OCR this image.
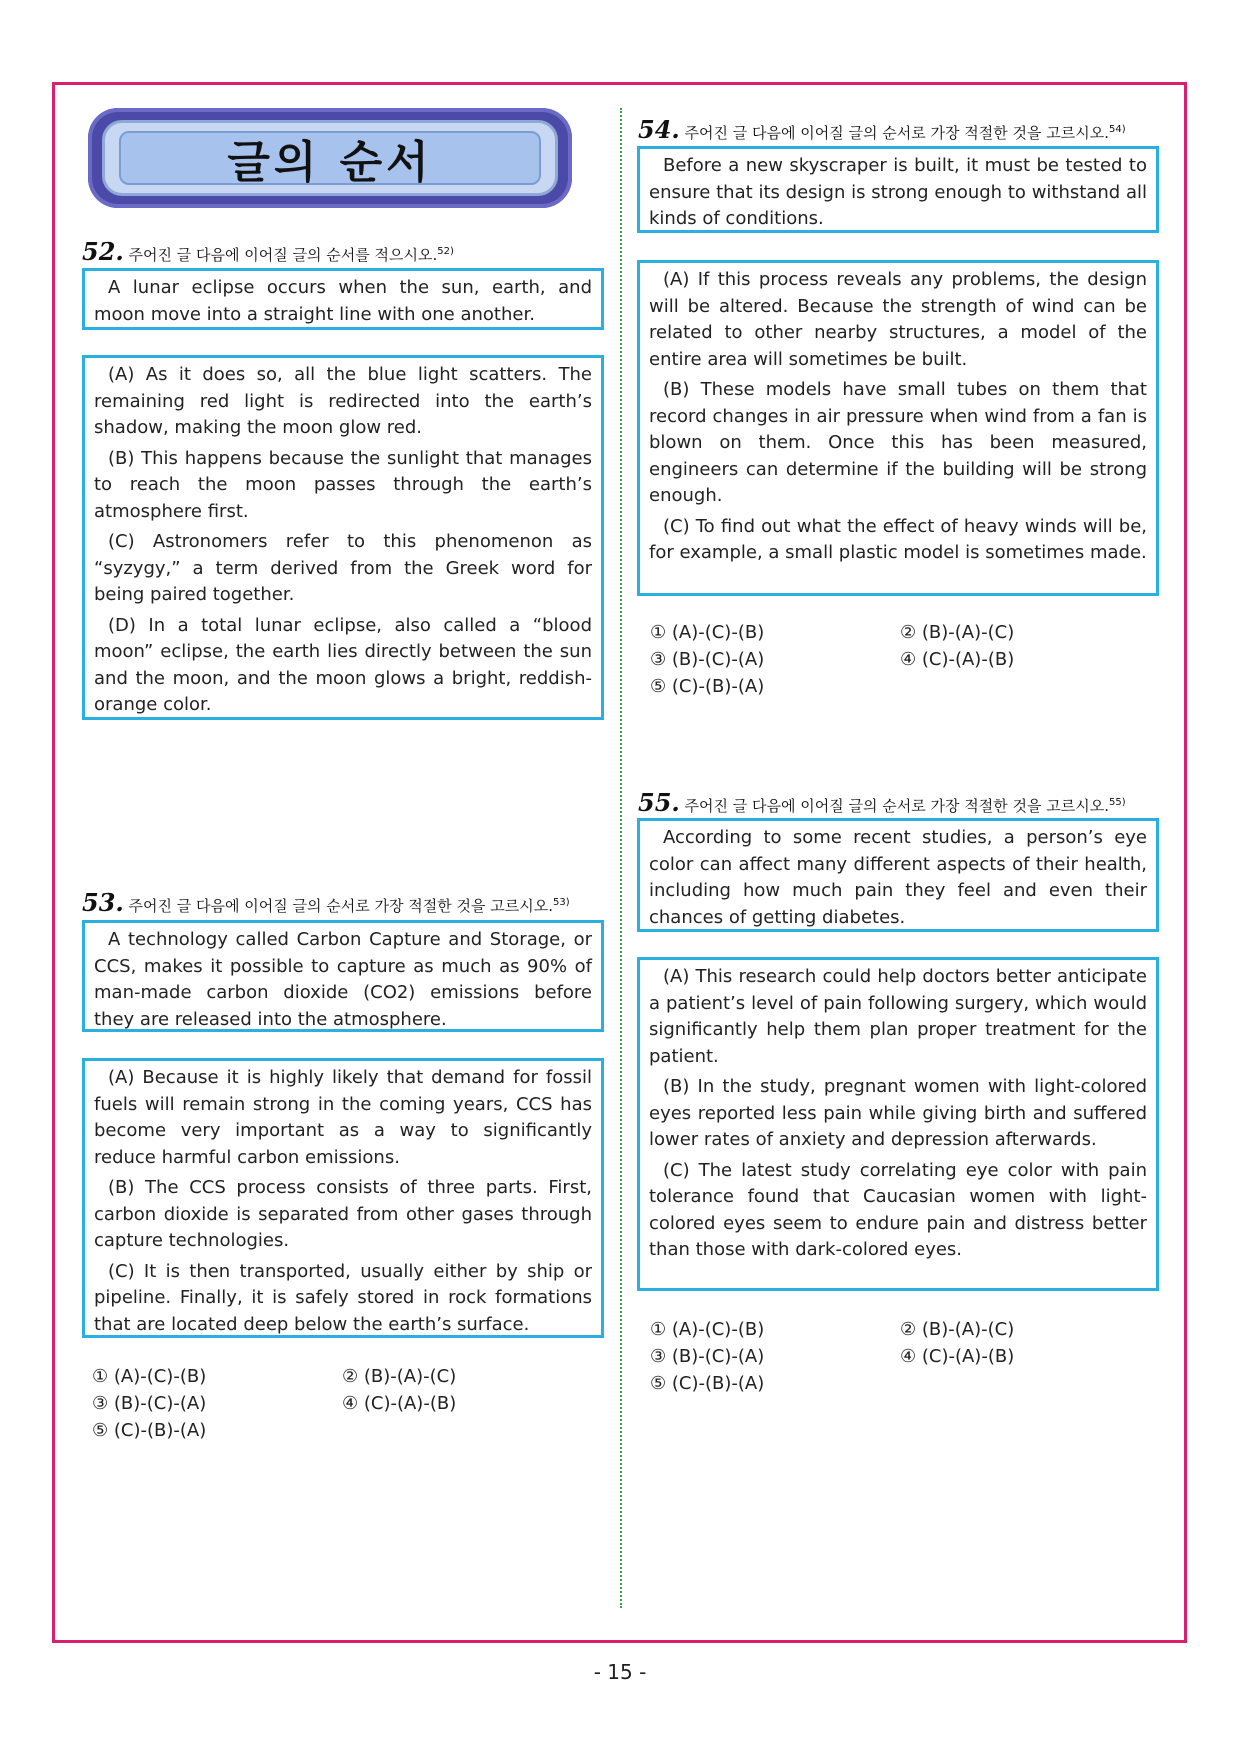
글의 순서
52. 주어진 글 다음에 이어질 글의 순서를 적으시오.$^{52)}$

A lunar eclipse occurs when the sun, earth, and moon move into a straight line with one another.

(A) As it does so, all the blue light scatters. The remaining red light is redirected into the earth’s shadow, making the moon glow red.

(B) This happens because the sunlight that manages to reach the moon passes through the earth’s atmosphere first.

(C) Astronomers refer to this phenomenon as “syzygy,” a term derived from the Greek word for being paired together.

(D) In a total lunar eclipse, also called a “blood moon” eclipse, the earth lies directly between the sun and the moon, and the moon glows a bright, reddish-orange color.

53. 주어진 글 다음에 이어질 글의 순서로 가장 적절한 것을 고르시오.$^{53)}$

A technology called Carbon Capture and Storage, or CCS, makes it possible to capture as much as 90% of man-made carbon dioxide (CO2) emissions before they are released into the atmosphere.

(A) Because it is highly likely that demand for fossil fuels will remain strong in the coming years, CCS has become very important as a way to significantly reduce harmful carbon emissions.

(B) The CCS process consists of three parts. First, carbon dioxide is separated from other gases through capture technologies.

(C) It is then transported, usually either by ship or pipeline. Finally, it is safely stored in rock formations that are located deep below the earth’s surface.

① (A)-(C)-(B)	② (B)-(A)-(C)
③ (B)-(C)-(A)	④ (C)-(A)-(B)
⑤ (C)-(B)-(A)
54. 주어진 글 다음에 이어질 글의 순서로 가장 적절한 것을 고르시오.$^{54)}$

Before a new skyscraper is built, it must be tested to ensure that its design is strong enough to withstand all kinds of conditions.

(A) If this process reveals any problems, the design will be altered. Because the strength of wind can be related to other nearby structures, a model of the entire area will sometimes be built.

(B) These models have small tubes on them that record changes in air pressure when wind from a fan is blown on them. Once this has been measured, engineers can determine if the building will be strong enough.

(C) To find out what the effect of heavy winds will be, for example, a small plastic model is sometimes made.

① (A)-(C)-(B)	② (B)-(A)-(C)
③ (B)-(C)-(A)	④ (C)-(A)-(B)
⑤ (C)-(B)-(A)
55. 주어진 글 다음에 이어질 글의 순서로 가장 적절한 것을 고르시오.$^{55)}$

According to some recent studies, a person’s eye color can affect many different aspects of their health, including how much pain they feel and even their chances of getting diabetes.

(A) This research could help doctors better anticipate a patient’s level of pain following surgery, which would significantly help them plan proper treatment for the patient.

(B) In the study, pregnant women with light-colored eyes reported less pain while giving birth and suffered lower rates of anxiety and depression afterwards.

(C) The latest study correlating eye color with pain tolerance found that Caucasian women with light-colored eyes seem to endure pain and distress better than those with dark-colored eyes.

① (A)-(C)-(B)	② (B)-(A)-(C)
③ (B)-(C)-(A)	④ (C)-(A)-(B)
⑤ (C)-(B)-(A)
- 15 -
